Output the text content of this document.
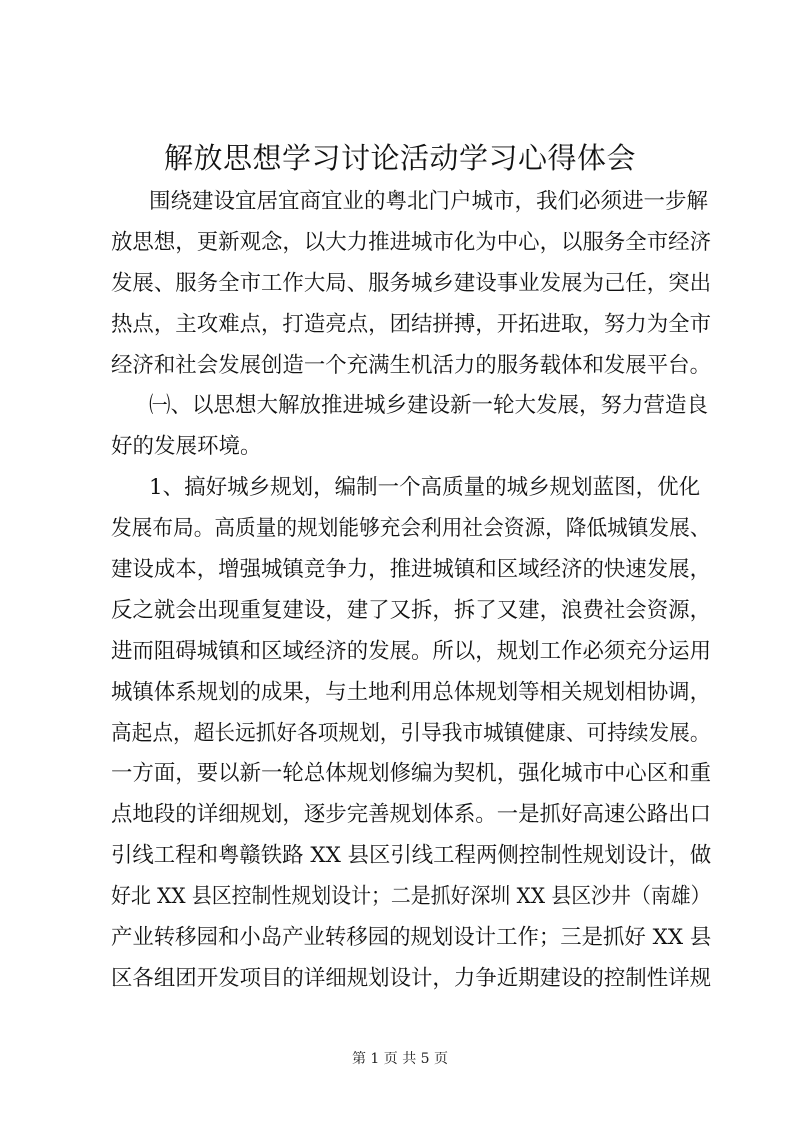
解放思想学习讨论活动学习心得体会
围绕建设宜居宜商宜业的粤北门户城市，我们必须进一步解
放思想，更新观念，以大力推进城市化为中心，以服务全市经济
发展、服务全市工作大局、服务城乡建设事业发展为己任，突出
热点，主攻难点，打造亮点，团结拼搏，开拓进取，努力为全市
经济和社会发展创造一个充满生机活力的服务载体和发展平台。
㈠、以思想大解放推进城乡建设新一轮大发展，努力营造良
好的发展环境。
1、搞好城乡规划，编制一个高质量的城乡规划蓝图，优化
发展布局。高质量的规划能够充会利用社会资源，降低城镇发展、
建设成本，增强城镇竞争力，推进城镇和区域经济的快速发展，
反之就会出现重复建设，建了又拆，拆了又建，浪费社会资源，
进而阻碍城镇和区域经济的发展。所以，规划工作必须充分运用
城镇体系规划的成果，与土地利用总体规划等相关规划相协调，
高起点，超长远抓好各项规划，引导我市城镇健康、可持续发展。
一方面，要以新一轮总体规划修编为契机，强化城市中心区和重
点地段的详细规划，逐步完善规划体系。一是抓好高速公路出口
引线工程和粤赣铁路 XX 县区引线工程两侧控制性规划设计，做
好北 XX 县区控制性规划设计；二是抓好深圳 XX 县区沙井（南雄）
产业转移园和小岛产业转移园的规划设计工作；三是抓好 XX 县
区各组团开发项目的详细规划设计，力争近期建设的控制性详规
第 1 页 共 5 页
